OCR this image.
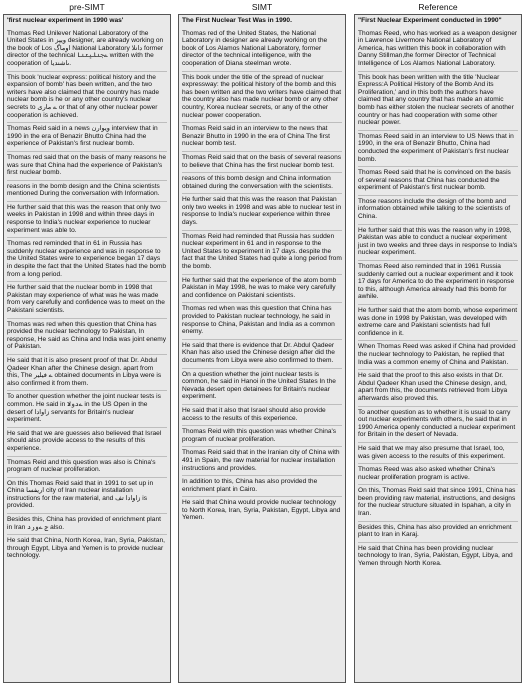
pre-SIMT
'first nuclear experiment in 1990 was'

Thomas Red Unilever National Laboratory of the United States in ویپز designer, are already working on the book of Los اوماگ National Laboratory دانلا former director of the technical ےجنلیتنا written with the cooperation of ںاشندیا.

This book 'nuclear express: political history and the expansion of bomb' has been written, and the two writers have also claimed that the country has made nuclear bomb is he or any other country's nuclear secrets to ے ماری or that of any other nuclear power cooperation is achieved.

Thomas Reid said in a news ویوارن interview that in 1990 in the era of Benazir Bhutto China had the experience of Pakistan's first nuclear bomb.

Thomas red said that on the basis of many reasons he was sure that China had the experience of Pakistan's first nuclear bomb.

reasons in the bomb design and the China scientists mentioned During the conversation with Information.

He further said that this was the reason that only two weeks in Pakistan in 1998 and within three days in response to India's nuclear experience to nuclear experiment was able to.

Thomas red reminded that in 61 in Russia has suddenly nuclear experience and was in response to the United States were to experience began 17 days in despite the fact that the United States had the bomb from a long period.

He further said that the nuclear bomb in 1998 that Pakistan may experience of what was he was made from very carefully and confidence was to meet on the Pakistani scientists.

Thomas was red when this question that China has provided the nuclear technology to Pakistan, In response, He said as China and India was joint enemy of Pakistan.

He said that it is also present proof of that Dr. Abdul Qadeer Khan after the Chinese design. apart from this, The ے فیلیر obtained documents in Libya were is also confirmed it from them.

To another question whether the joint nuclear tests is common. He said in ےدولا in the US Open in the desert of زاوادا servants for Britain's nuclear experiment.

He said that we are guesses also believed that Israel should also provide access to the results of this experience.

Thomas Reid and this question was also is China's program of nuclear proliferation.

On this Thomas Reid said that in 1991 to set up in China اریفسا city of Iran nuclear installation instructions for the raw material, and زاوادا تف is provided.

Besides this, China has provided of enrichment plant in Iran ج ےورد also.

He said that China, North Korea, Iran, Syria, Pakistan, through Egypt, Libya and Yemen is to provide nuclear technology.

SIMT
The First Nuclear Test Was in 1990.

Thomas red of the United States, the National Laboratory in designer are already working on the book of Los Alamos National Laboratory, former director of the technical intelligence, with the cooperation of Diana steelman wrote.

This book under the title of the spread of nuclear expressway: the political history of the bomb and this has been written and the two writers have claimed that the country also has made nuclear bomb or any other country, Korea nuclear secrets, or any of the other nuclear power cooperation.

Thomas Reid said in an interview to the news that Benazir Bhutto in 1990 in the era of China The first nuclear bomb test.

Thomas Reid said that on the basis of several reasons to believe that China has the first nuclear bomb test.

reasons of this bomb design and China information obtained during the conversation with the scientists.

He further said that this was the reason that Pakistan only two weeks in 1998 and was able to nuclear test in response to India's nuclear experience within three days.

Thomas Reid had reminded that Russia has sudden nuclear experiment in 61 and in response to the United States to experiment in 17 days. despite the fact that the United States had quite a long period from the bomb.

He further said that the experience of the atom bomb Pakistan in May 1998, he was to make very carefully and confidence on Pakistani scientists.

Thomas red when was this question that China has provided to Pakistan nuclear technology, he said in response to China, Pakistan and India as a common enemy.

He said that there is evidence that Dr. Abdul Qadeer Khan has also used the Chinese design after did the documents from Libya were also confirmed to them.

On a question whether the joint nuclear tests is common, he said in Hanoi in the United States In the Nevada desert open detainees for Britain's nuclear experiment.

He said that it also that Israel should also provide access to the results of this experience.

Thomas Reid with this question was whether China's program of nuclear proliferation.

Thomas Reid said that in the Iranian city of China with 491 in Spain, the raw material for nuclear installation instructions and provides.

In addition to this, China has also provided the enrichment plant in Cairo.

He said that China would provide nuclear technology to North Korea, Iran, Syria, Pakistan, Egypt, Libya and Yemen.

Reference
"First Nuclear Experiment conducted in 1990"

Thomas Reed, who has worked as a weapon designer in Lawrence Livermore National Laboratory of America, has written this book in collaboration with Danny Stillman,the former Director of Technical Intelligence of Los Alamos National Laboratory.

This book has been written with the title 'Nuclear Express:A Political History of the Bomb And its Proliferation,' and in this both the authors have claimed that any country that has made an atomic bomb has either stolen the nuclear secrets of another country or has had cooperation with some other nuclear power.

Thomas Reed said in an interview to US News that in 1990, in the era of Benazir Bhutto, China had conducted the experiment of Pakistan's first nuclear bomb.

Thomas Reed said that he is convinced on the basis of several reasons that China has conducted the experiment of Pakistan's first nuclear bomb.

Those reasons include the design of the bomb and information obtained while talking to the scientists of China.

He further said that this was the reason why in 1998, Pakistan was able to conduct a nuclear experiment just in two weeks and three days in response to India's nuclear experiment.

Thomas Reed also reminded that in 1961 Russia suddenly carried out a nuclear experiment and it took 17 days for America to do the experiment in response to this, although America already had this bomb for awhile.

He further said that the atom bomb, whose experiment was done in 1998 by Pakistan, was developed with extreme care and Pakistani scientists had full confidence in it.

When Thomas Reed was asked if China had provided the nuclear technology to Pakistan, he replied that India was a common enemy of China and Pakistan.

He said that the proof to this also exists in that Dr. Abdul Qadeer Khan used the Chinese design, and, apart from this, the documents retrieved from Libya afterwards also proved this.

To another question as to whether it is usual to carry out nuclear experiments with others, he said that in 1990 America openly conducted a nuclear experiment for Britain in the desert of Nevada.

He said that we may also presume that Israel, too, was given access to the results of this experiment.

Thomas Reed was also asked whether China's nuclear proliferation program is active.

On this, Thomas Reid said that since 1991, China has been providing raw material, instructions, and designs for the nuclear structure situated in Ispahan, a city in Iran.

Besides this, China has also provided an enrichment plant to Iran in Karaj.

He said that China has been providing nuclear technology to Iran, Syria, Pakistan, Egypt, Libya, and Yemen through North Korea.
